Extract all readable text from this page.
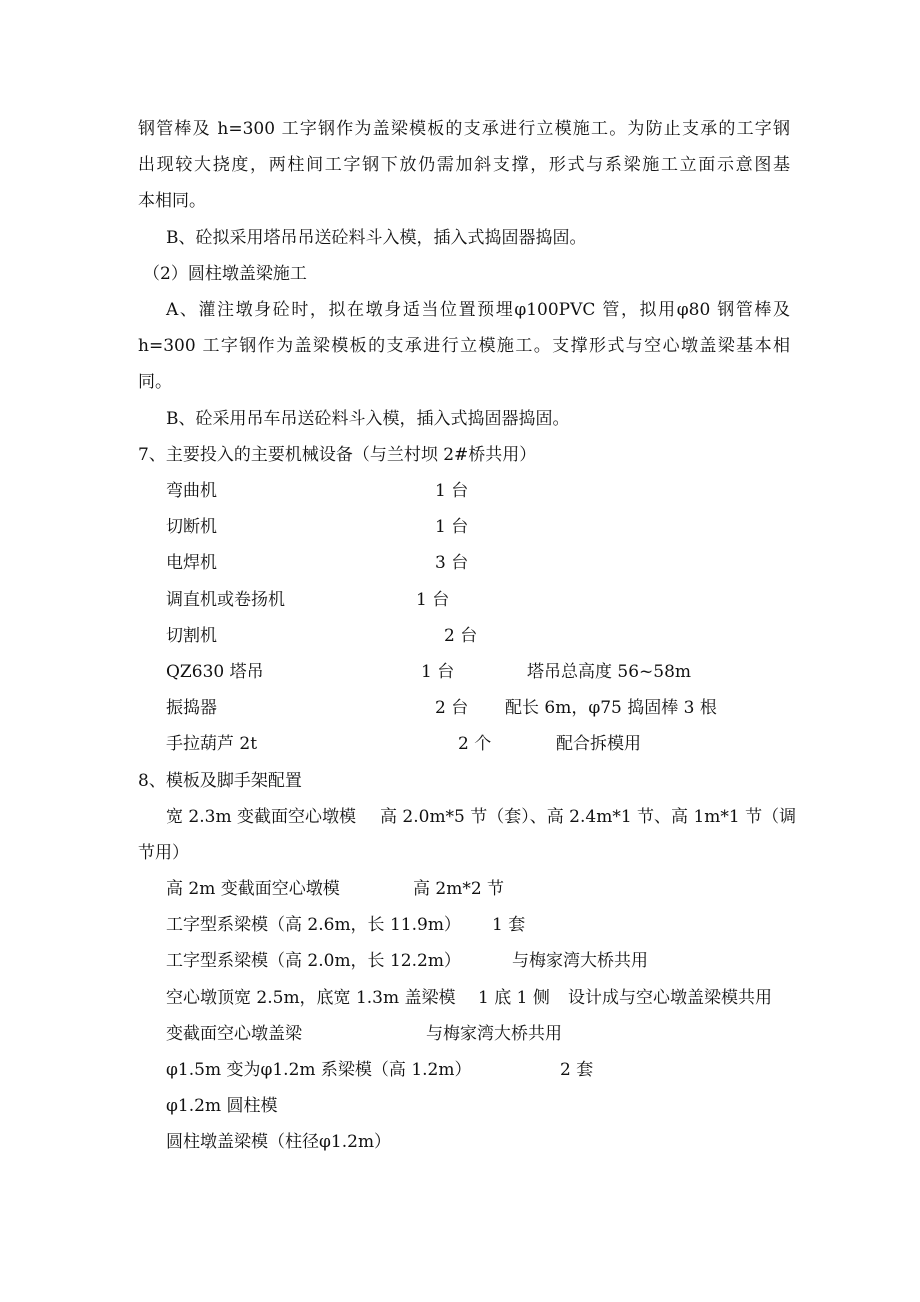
钢管棒及 h=300 工字钢作为盖梁模板的支承进行立模施工。为防止支承的工字钢
出现较大挠度，两柱间工字钢下放仍需加斜支撑，形式与系梁施工立面示意图基
本相同。
B、砼拟采用塔吊吊送砼料斗入模，插入式捣固器捣固。
（2）圆柱墩盖梁施工
A、灌注墩身砼时，拟在墩身适当位置预埋φ100PVC 管，拟用φ80 钢管棒及
h=300 工字钢作为盖梁模板的支承进行立模施工。支撑形式与空心墩盖梁基本相
同。
B、砼采用吊车吊送砼料斗入模，插入式捣固器捣固。
7、主要投入的主要机械设备（与兰村坝 2#桥共用）
弯曲机	1 台
切断机	1 台
电焊机	3 台
调直机或卷扬机	1 台
切割机	2 台
QZ630 塔吊	1 台	塔吊总高度 56~58m
振捣器	2 台 配长 6m，φ75 捣固棒 3 根
手拉葫芦 2t	2 个	配合拆模用
8、模板及脚手架配置
宽 2.3m 变截面空心墩模 高 2.0m*5 节（套）、高 2.4m*1 节、高 1m*1 节（调
节用）
高 2m 变截面空心墩模	高 2m*2 节
工字型系梁模（高 2.6m，长 11.9m） 1 套
工字型系梁模（高 2.0m，长 12.2m）	与梅家湾大桥共用
空心墩顶宽 2.5m，底宽 1.3m 盖梁模 1 底 1 侧 设计成与空心墩盖梁模共用
变截面空心墩盖梁	与梅家湾大桥共用
φ1.5m 变为φ1.2m 系梁模（高 1.2m）	2 套
φ1.2m 圆柱模
圆柱墩盖梁模（柱径φ1.2m）
